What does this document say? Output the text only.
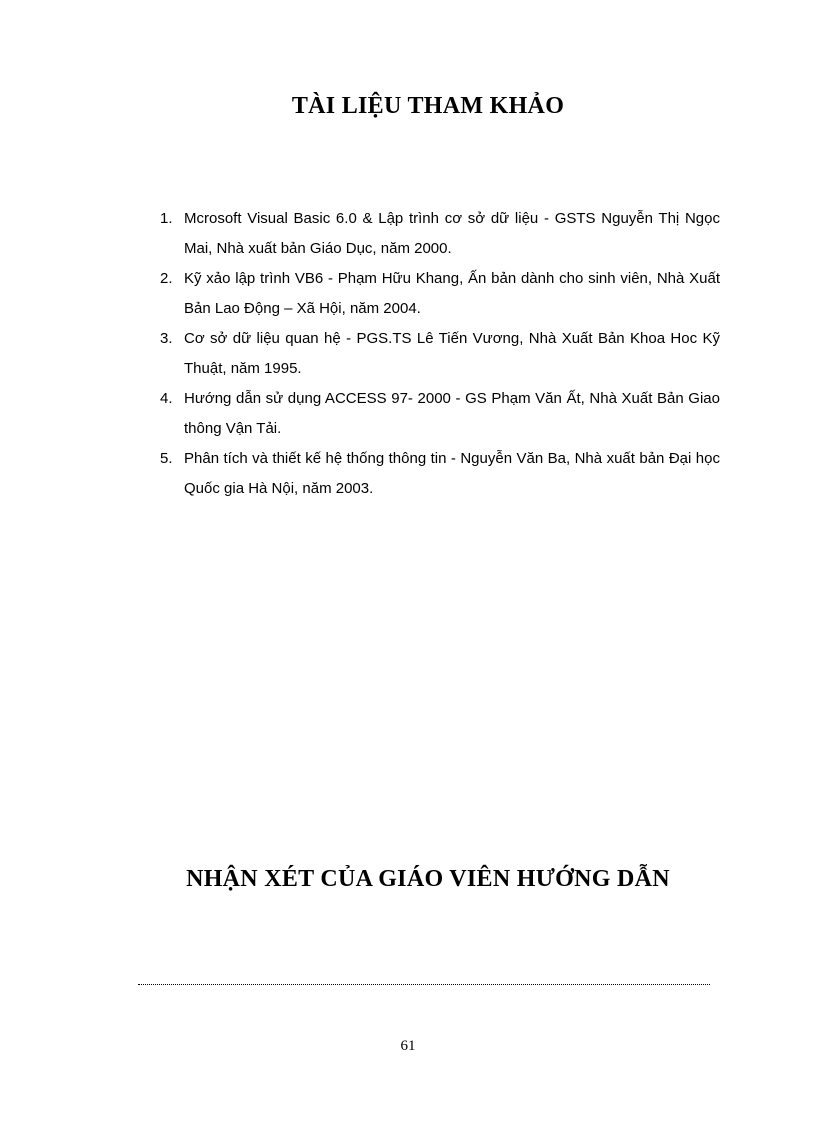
TÀI LIỆU THAM KHẢO
1. Mcrosoft Visual Basic 6.0 & Lập trình cơ sở dữ liệu - GSTS Nguyễn Thị Ngọc Mai, Nhà xuất bản Giáo Dục, năm 2000.
2. Kỹ xảo lập trình VB6 - Phạm Hữu Khang, Ấn bản dành cho sinh viên, Nhà Xuất Bản Lao Động – Xã Hội, năm 2004.
3. Cơ sở dữ liệu quan hệ - PGS.TS Lê Tiến Vương, Nhà Xuất Bản Khoa Hoc Kỹ Thuật, năm 1995.
4. Hướng dẫn sử dụng ACCESS 97- 2000 - GS Phạm Văn Ất, Nhà Xuất Bản Giao thông Vận Tải.
5. Phân tích và thiết kế hệ thống thông tin - Nguyễn Văn Ba, Nhà xuất bản Đại học Quốc gia Hà Nội, năm 2003.
NHẬN XÉT CỦA GIÁO VIÊN HƯỚNG DẪN
61
